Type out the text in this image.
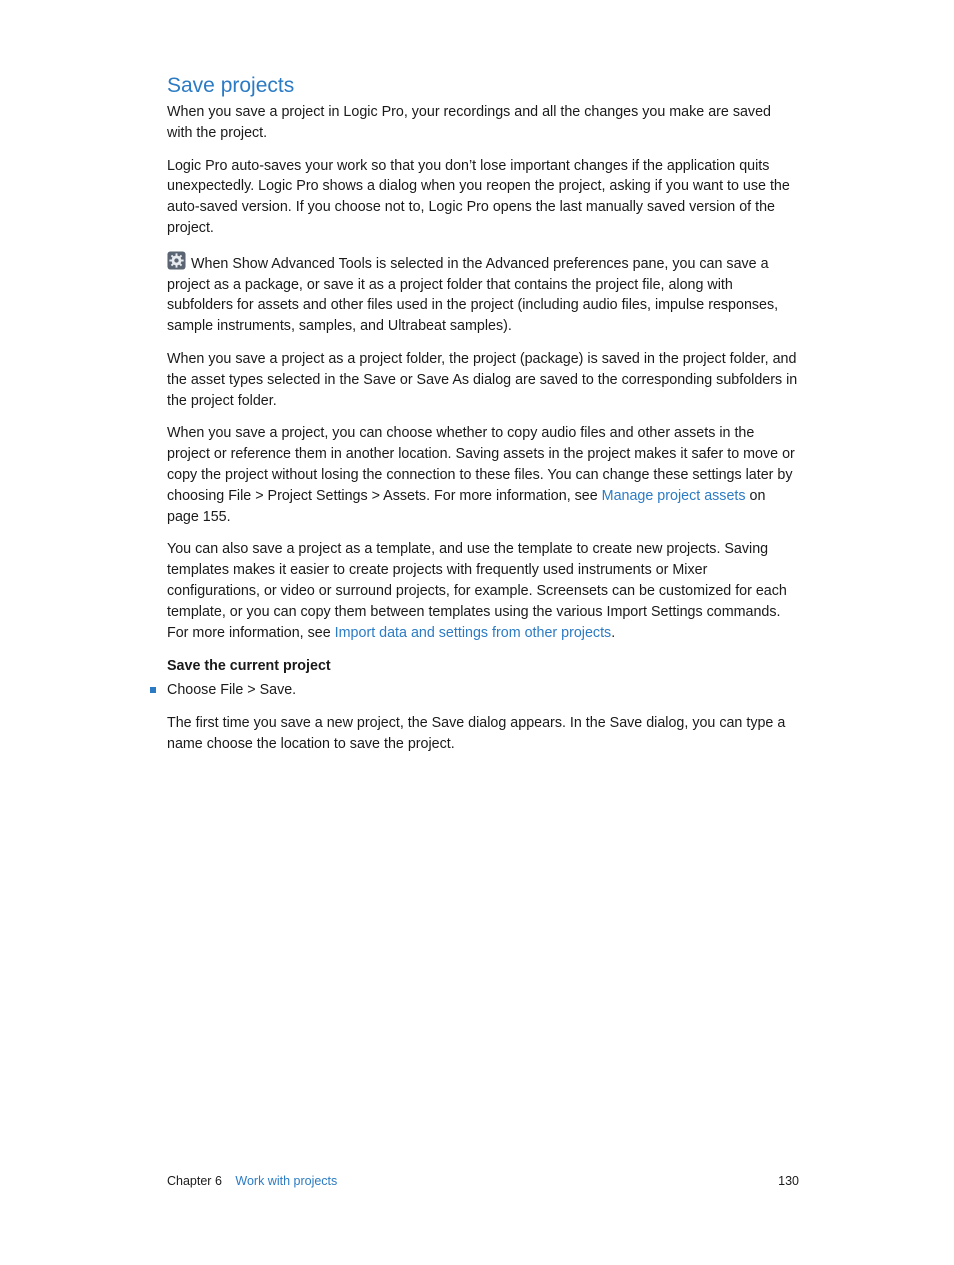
Save projects

When you save a project in Logic Pro, your recordings and all the changes you make are saved with the project.

Logic Pro auto-saves your work so that you don’t lose important changes if the application quits unexpectedly. Logic Pro shows a dialog when you reopen the project, asking if you want to use the auto-saved version. If you choose not to, Logic Pro opens the last manually saved version of the project.

When Show Advanced Tools is selected in the Advanced preferences pane, you can save a project as a package, or save it as a project folder that contains the project file, along with subfolders for assets and other files used in the project (including audio files, impulse responses, sample instruments, samples, and Ultrabeat samples).

When you save a project as a project folder, the project (package) is saved in the project folder, and the asset types selected in the Save or Save As dialog are saved to the corresponding subfolders in the project folder.

When you save a project, you can choose whether to copy audio files and other assets in the project or reference them in another location. Saving assets in the project makes it safer to move or copy the project without losing the connection to these files. You can change these settings later by choosing File > Project Settings > Assets. For more information, see Manage project assets on page 155.

You can also save a project as a template, and use the template to create new projects. Saving templates makes it easier to create projects with frequently used instruments or Mixer configurations, or video or surround projects, for example. Screensets can be customized for each template, or you can copy them between templates using the various Import Settings commands. For more information, see Import data and settings from other projects.

Save the current project
Choose File > Save.

The first time you save a new project, the Save dialog appears. In the Save dialog, you can type a name choose the location to save the project.

Chapter 6 Work with projects	130
